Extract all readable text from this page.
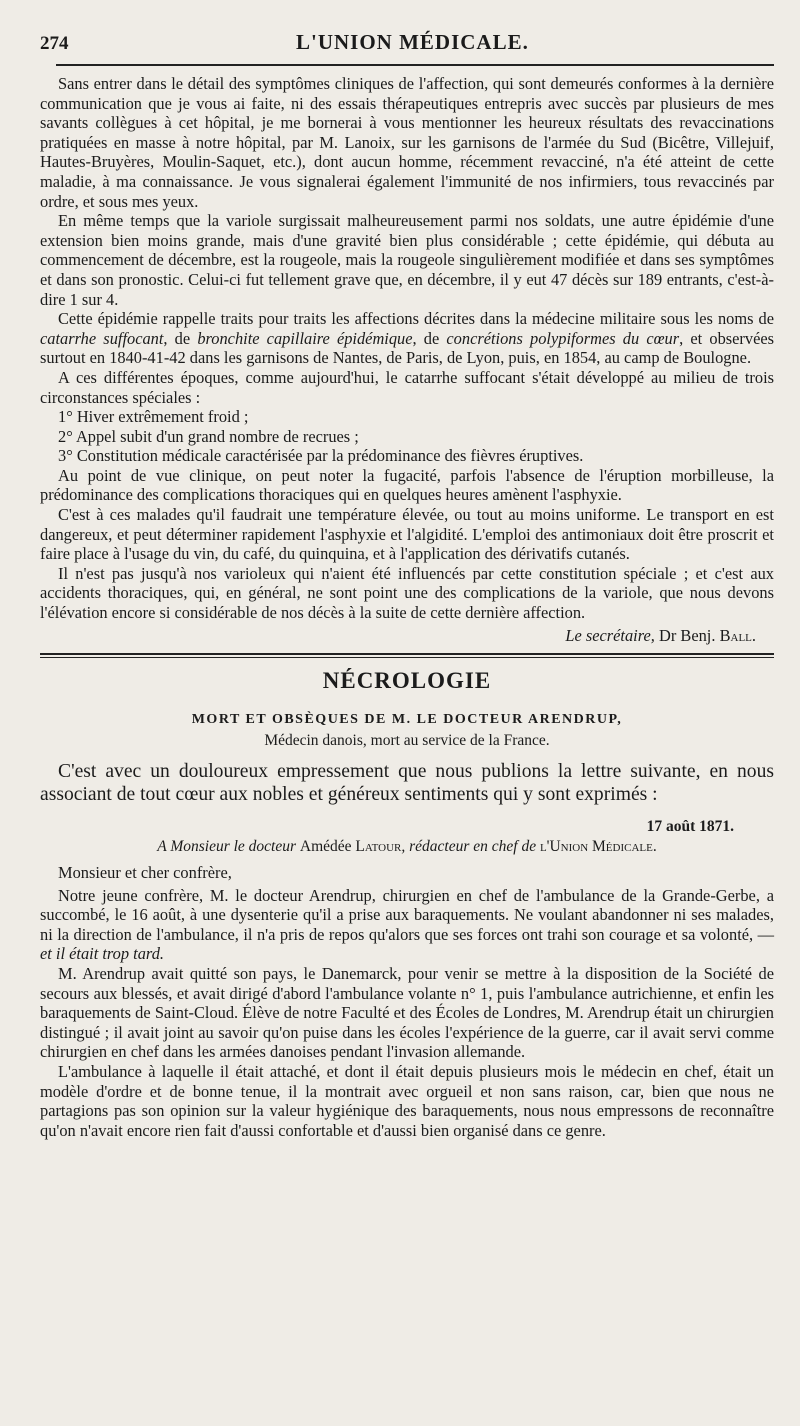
274	L'UNION MÉDICALE.

Sans entrer dans le détail des symptômes cliniques de l'affection, qui sont demeurés conformes à la dernière communication que je vous ai faite, ni des essais thérapeutiques entrepris avec succès par plusieurs de mes savants collègues à cet hôpital, je me bornerai à vous mentionner les heureux résultats des revaccinations pratiquées en masse à notre hôpital, par M. Lanoix, sur les garnisons de l'armée du Sud (Bicêtre, Villejuif, Hautes-Bruyères, Moulin-Saquet, etc.), dont aucun homme, récemment revacciné, n'a été atteint de cette maladie, à ma connaissance. Je vous signalerai également l'immunité de nos infirmiers, tous revaccinés par ordre, et sous mes yeux.

En même temps que la variole surgissait malheureusement parmi nos soldats, une autre épidémie d'une extension bien moins grande, mais d'une gravité bien plus considérable ; cette épidémie, qui débuta au commencement de décembre, est la rougeole, mais la rougeole singulièrement modifiée et dans ses symptômes et dans son pronostic. Celui-ci fut tellement grave que, en décembre, il y eut 47 décès sur 189 entrants, c'est-à-dire 1 sur 4.

Cette épidémie rappelle traits pour traits les affections décrites dans la médecine militaire sous les noms de catarrhe suffocant, de bronchite capillaire épidémique, de concrétions polypiformes du cœur, et observées surtout en 1840-41-42 dans les garnisons de Nantes, de Paris, de Lyon, puis, en 1854, au camp de Boulogne.

A ces différentes époques, comme aujourd'hui, le catarrhe suffocant s'était développé au milieu de trois circonstances spéciales :

1° Hiver extrêmement froid ;

2° Appel subit d'un grand nombre de recrues ;

3° Constitution médicale caractérisée par la prédominance des fièvres éruptives.

Au point de vue clinique, on peut noter la fugacité, parfois l'absence de l'éruption morbilleuse, la prédominance des complications thoraciques qui en quelques heures amènent l'asphyxie.

C'est à ces malades qu'il faudrait une température élevée, ou tout au moins uniforme. Le transport en est dangereux, et peut déterminer rapidement l'asphyxie et l'algidité. L'emploi des antimoniaux doit être proscrit et faire place à l'usage du vin, du café, du quinquina, et à l'application des dérivatifs cutanés.

Il n'est pas jusqu'à nos varioleux qui n'aient été influencés par cette constitution spéciale ; et c'est aux accidents thoraciques, qui, en général, ne sont point une des complications de la variole, que nous devons l'élévation encore si considérable de nos décès à la suite de cette dernière affection.

Le secrétaire, Dr Benj. Ball.

NÉCROLOGIE
MORT ET OBSÈQUES DE M. LE DOCTEUR ARENDRUP,
Médecin danois, mort au service de la France.

C'est avec un douloureux empressement que nous publions la lettre suivante, en nous associant de tout cœur aux nobles et généreux sentiments qui y sont exprimés :

17 août 1871.
A Monsieur le docteur Amédée Latour, rédacteur en chef de l'Union Médicale.

Monsieur et cher confrère,

Notre jeune confrère, M. le docteur Arendrup, chirurgien en chef de l'ambulance de la Grande-Gerbe, a succombé, le 16 août, à une dysenterie qu'il a prise aux baraquements. Ne voulant abandonner ni ses malades, ni la direction de l'ambulance, il n'a pris de repos qu'alors que ses forces ont trahi son courage et sa volonté, — et il était trop tard.

M. Arendrup avait quitté son pays, le Danemarck, pour venir se mettre à la disposition de la Société de secours aux blessés, et avait dirigé d'abord l'ambulance volante n° 1, puis l'ambulance autrichienne, et enfin les baraquements de Saint-Cloud. Élève de notre Faculté et des Écoles de Londres, M. Arendrup était un chirurgien distingué ; il avait joint au savoir qu'on puise dans les écoles l'expérience de la guerre, car il avait servi comme chirurgien en chef dans les armées danoises pendant l'invasion allemande.

L'ambulance à laquelle il était attaché, et dont il était depuis plusieurs mois le médecin en chef, était un modèle d'ordre et de bonne tenue, il la montrait avec orgueil et non sans raison, car, bien que nous ne partagions pas son opinion sur la valeur hygiénique des baraquements, nous nous empressons de reconnaître qu'on n'avait encore rien fait d'aussi confortable et d'aussi bien organisé dans ce genre.
